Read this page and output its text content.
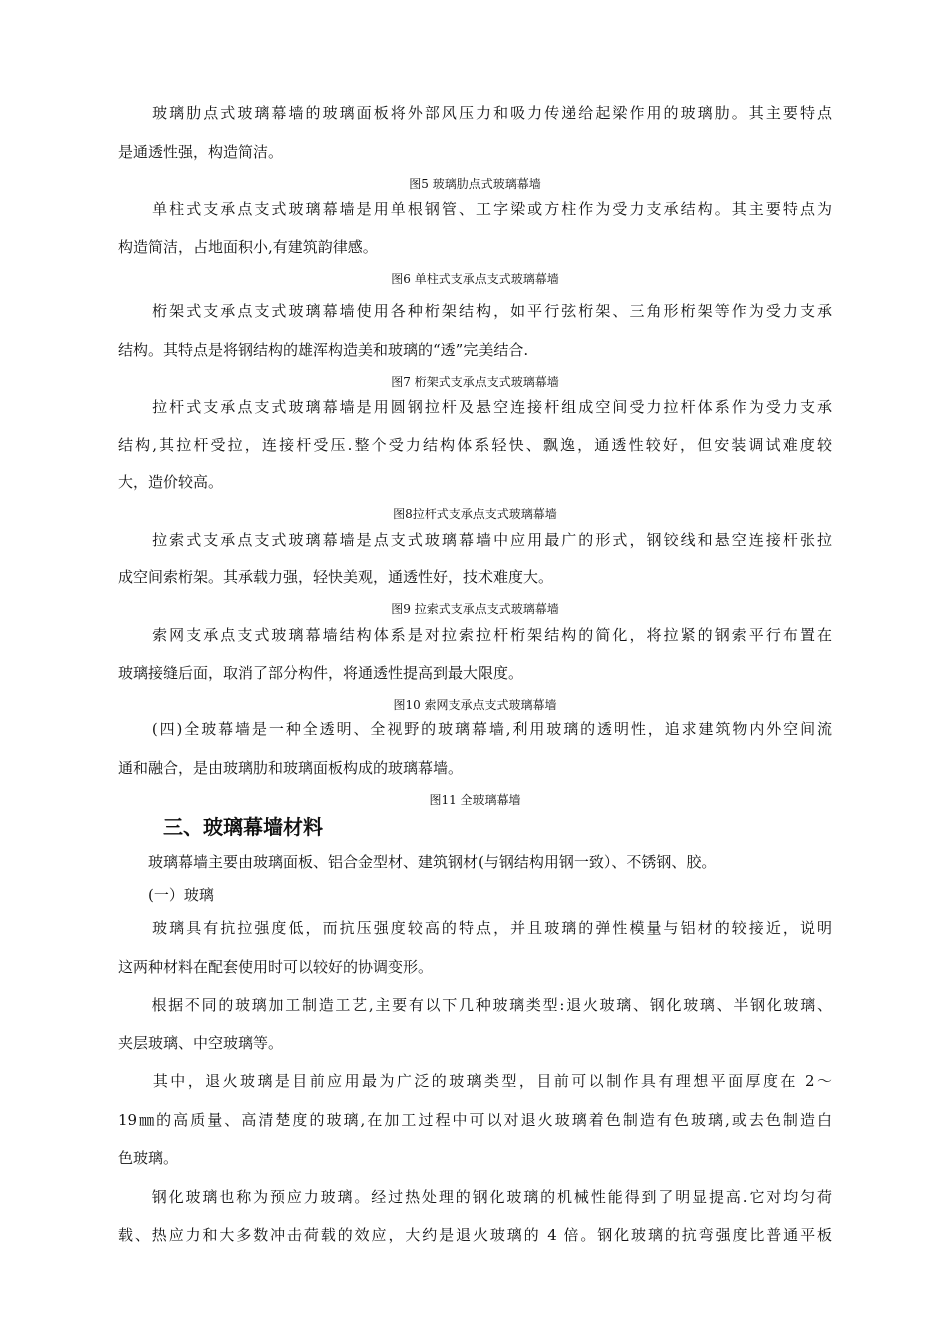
　　玻璃肋点式玻璃幕墙的玻璃面板将外部风压力和吸力传递给起梁作用的玻璃肋。其主要特点
是通透性强，构造简洁。
图5 玻璃肋点式玻璃幕墙
　　单柱式支承点支式玻璃幕墙是用单根钢管、工字梁或方柱作为受力支承结构。其主要特点为
构造简洁，占地面积小,有建筑韵律感。
图6 单柱式支承点支式玻璃幕墙
　　桁架式支承点支式玻璃幕墙使用各种桁架结构，如平行弦桁架、三角形桁架等作为受力支承
结构。其特点是将钢结构的雄浑构造美和玻璃的“透”完美结合.
图7 桁架式支承点支式玻璃幕墙
　　拉杆式支承点支式玻璃幕墙是用圆钢拉杆及悬空连接杆组成空间受力拉杆体系作为受力支承
结构,其拉杆受拉，连接杆受压.整个受力结构体系轻快、飘逸，通透性较好，但安装调试难度较
大，造价较高。
图8拉杆式支承点支式玻璃幕墙
　　拉索式支承点支式玻璃幕墙是点支式玻璃幕墙中应用最广的形式，钢铰线和悬空连接杆张拉
成空间索桁架。其承载力强，轻快美观，通透性好，技术难度大。
图9 拉索式支承点支式玻璃幕墙
　　索网支承点支式玻璃幕墙结构体系是对拉索拉杆桁架结构的简化，将拉紧的钢索平行布置在
玻璃接缝后面，取消了部分构件，将通透性提高到最大限度。
图10 索网支承点支式玻璃幕墙
　　(四)全玻幕墙是一种全透明、全视野的玻璃幕墙,利用玻璃的透明性，追求建筑物内外空间流
通和融合，是由玻璃肋和玻璃面板构成的玻璃幕墙。
图11 全玻璃幕墙
三、玻璃幕墙材料
　　玻璃幕墙主要由玻璃面板、铝合金型材、建筑钢材(与钢结构用钢一致）、不锈钢、胶。
　　(一）玻璃
　　玻璃具有抗拉强度低，而抗压强度较高的特点，并且玻璃的弹性模量与铝材的较接近，说明
这两种材料在配套使用时可以较好的协调变形。
　　根据不同的玻璃加工制造工艺,主要有以下几种玻璃类型:退火玻璃、钢化玻璃、半钢化玻璃、
夹层玻璃、中空玻璃等。
　　其中，退火玻璃是目前应用最为广泛的玻璃类型，目前可以制作具有理想平面厚度在 2～
19㎜的高质量、高清楚度的玻璃,在加工过程中可以对退火玻璃着色制造有色玻璃,或去色制造白
色玻璃。
　　钢化玻璃也称为预应力玻璃。经过热处理的钢化玻璃的机械性能得到了明显提高.它对均匀荷
载、热应力和大多数冲击荷载的效应，大约是退火玻璃的 4 倍。钢化玻璃的抗弯强度比普通平板
